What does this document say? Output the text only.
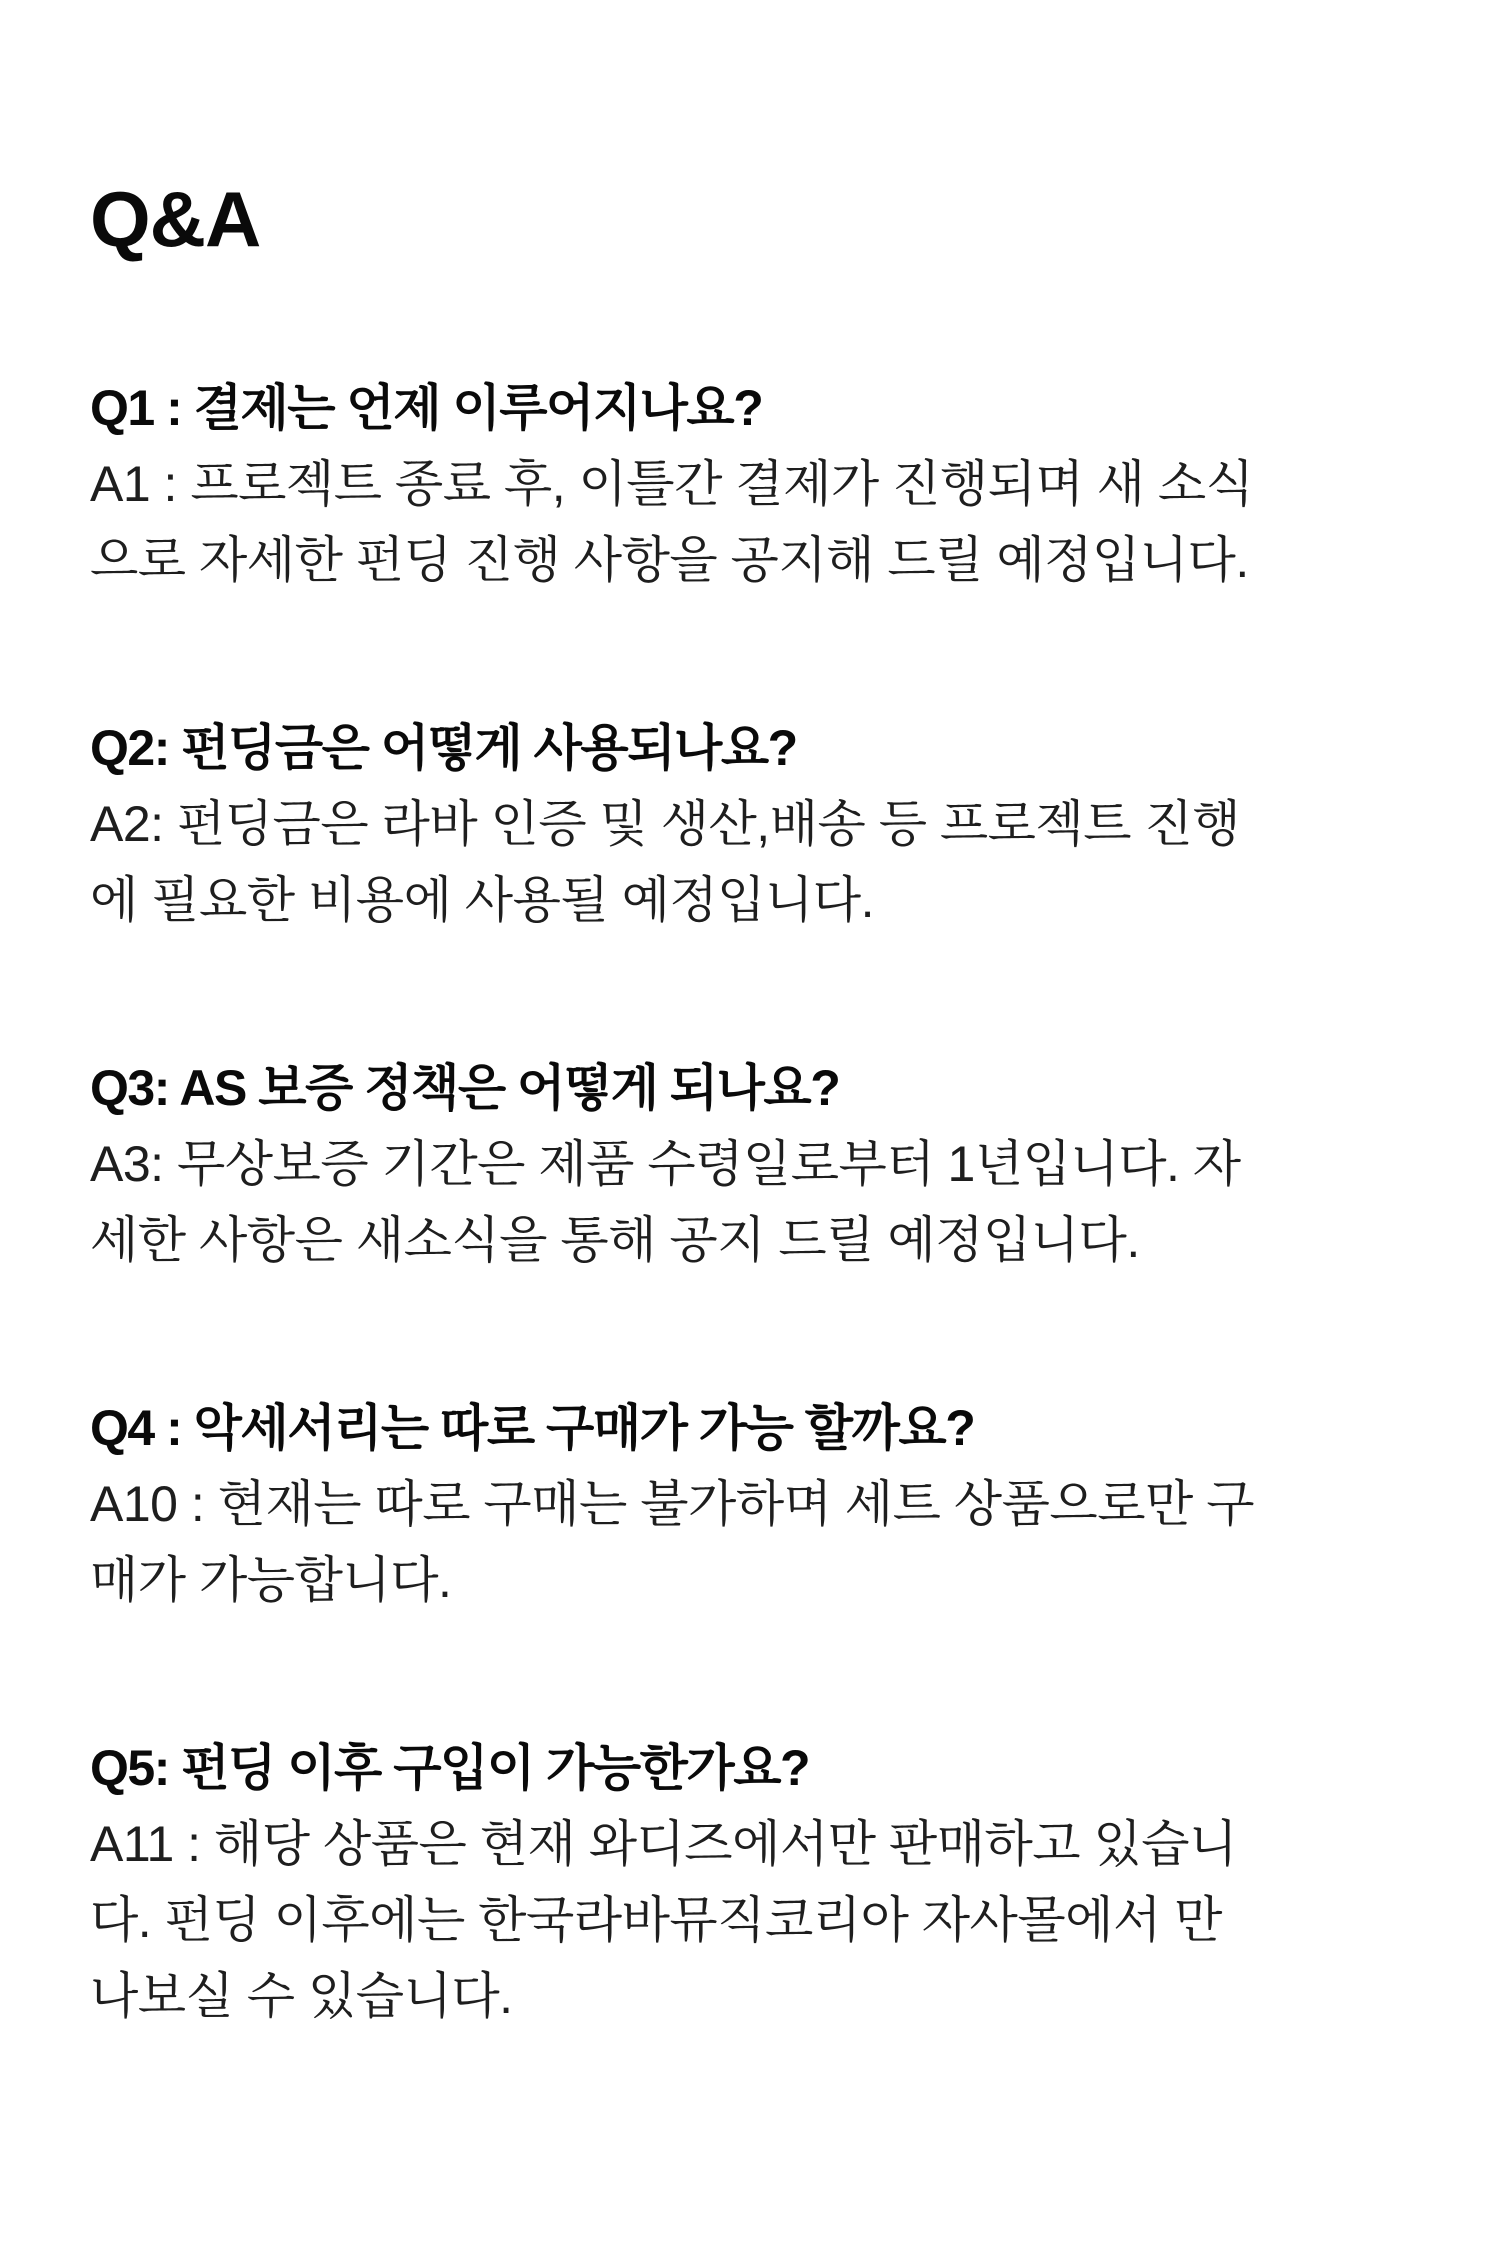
Q&A
Q1 : 결제는 언제 이루어지나요?

A1 : 프로젝트 종료 후, 이틀간 결제가 진행되며 새 소식
으로 자세한 펀딩 진행 사항을 공지해 드릴 예정입니다.

Q2: 펀딩금은 어떻게 사용되나요?

A2: 펀딩금은 라바 인증 및 생산,배송 등 프로젝트 진행
에 필요한 비용에 사용될 예정입니다.

Q3: AS 보증 정책은 어떻게 되나요?

A3: 무상보증 기간은 제품 수령일로부터 1년입니다. 자
세한 사항은 새소식을 통해 공지 드릴 예정입니다.

Q4 : 악세서리는 따로 구매가 가능 할까요?

A10 : 현재는 따로 구매는 불가하며 세트 상품으로만 구
매가 가능합니다.

Q5: 펀딩 이후 구입이 가능한가요?

A11 : 해당 상품은 현재 와디즈에서만 판매하고 있습니
다. 펀딩 이후에는 한국라바뮤직코리아 자사몰에서 만
나보실 수 있습니다.
